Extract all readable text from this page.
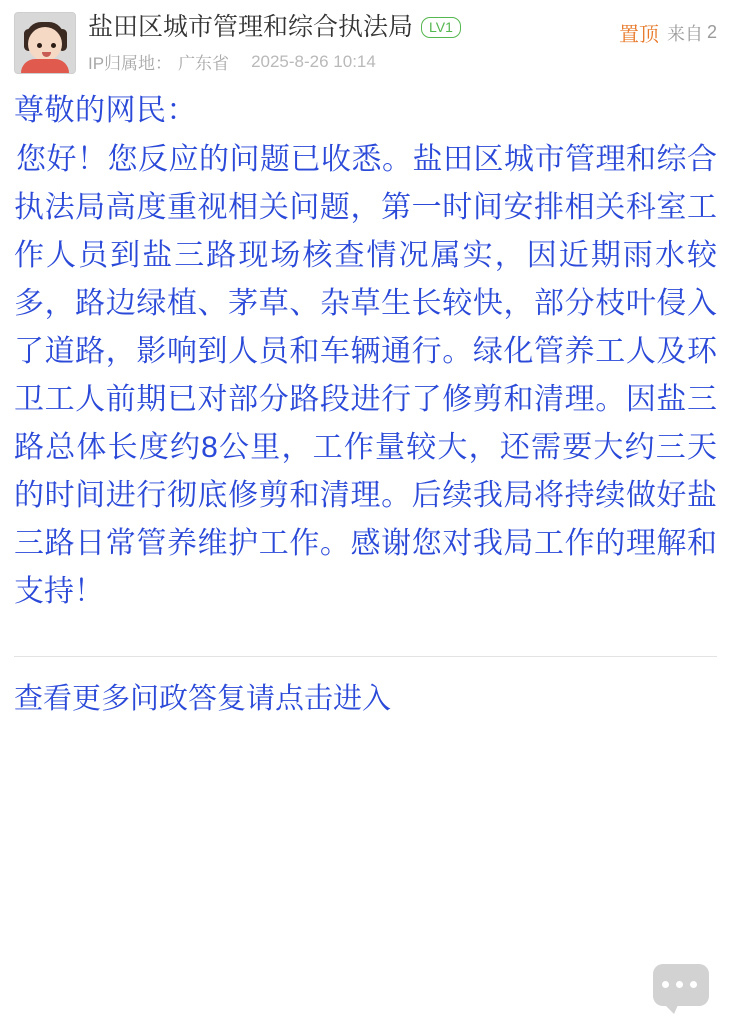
盐田区城市管理和综合执法局	LV1
IP归属地： 广东省 2025-8-26 10:14
置顶 来自 2

尊敬的网民：

您好！您反应的问题已收悉。盐田区城市管理和综合执法局高度重视相关问题，第一时间安排相关科室工作人员到盐三路现场核查情况属实，因近期雨水较多，路边绿植、茅草、杂草生长较快，部分枝叶侵入了道路，影响到人员和车辆通行。绿化管养工人及环卫工人前期已对部分路段进行了修剪和清理。因盐三路总体长度约8公里，工作量较大，还需要大约三天的时间进行彻底修剪和清理。后续我局将持续做好盐三路日常管养维护工作。感谢您对我局工作的理解和支持！

查看更多问政答复请点击进入
